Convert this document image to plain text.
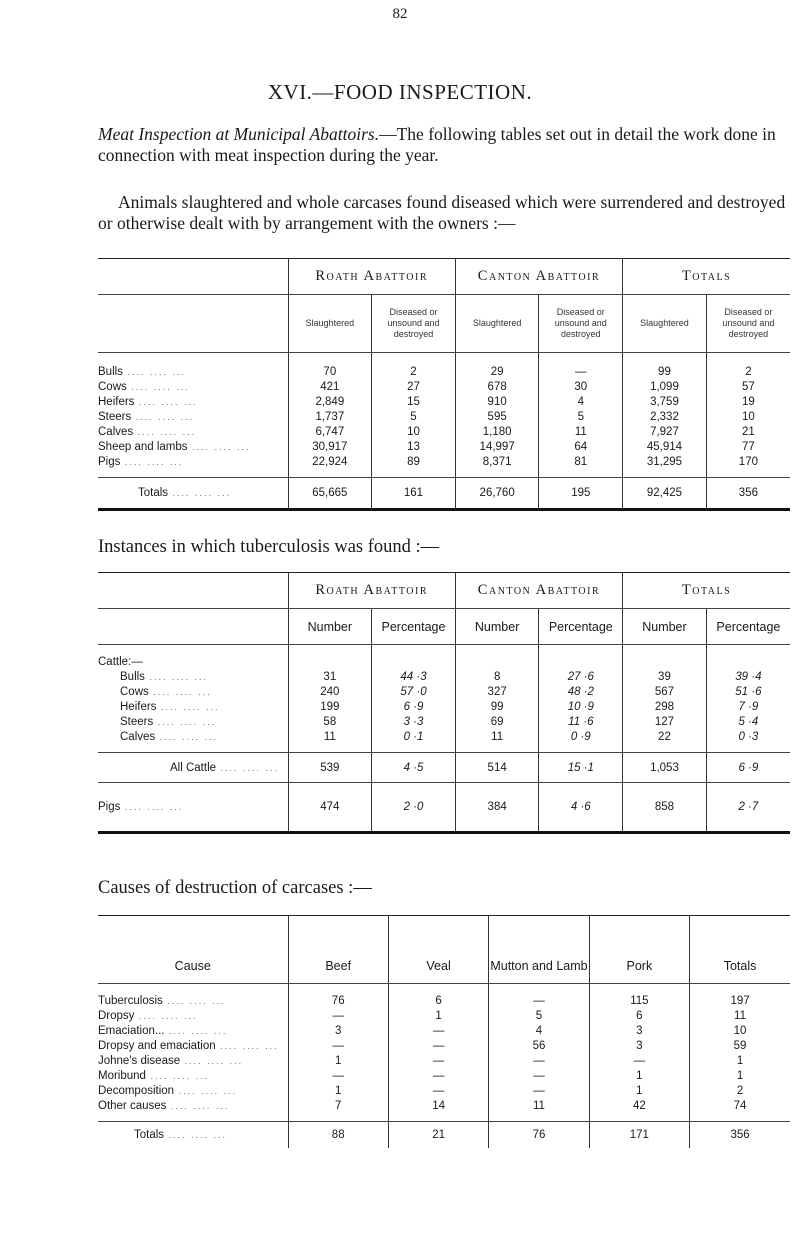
82
XVI.—FOOD INSPECTION.
Meat Inspection at Municipal Abattoirs.—The following tables set out in detail the work done in connection with meat inspection during the year.
Animals slaughtered and whole carcases found diseased which were surrendered and destroyed or otherwise dealt with by arrangement with the owners :—
	Roath Abattoir		Canton Abattoir		Totals	
	Slaughtered	Diseased or unsound and destroyed	Slaughtered	Diseased or unsound and destroyed	Slaughtered	Diseased or unsound and destroyed

Bulls .... .... ...	70	2	29	—	99	2
Cows .... .... ...	421	27	678	30	1,099	57
Heifers .... .... ...	2,849	15	910	4	3,759	19
Steers .... .... ...	1,737	5	595	5	2,332	10
Calves .... .... ...	6,747	10	1,180	11	7,927	21
Sheep and lambs .... .... ...	30,917	13	14,997	64	45,914	77
Pigs .... .... ...	22,924	89	8,371	81	31,295	170

Totals .... .... ...	65,665	161	26,760	195	92,425	356
Instances in which tuberculosis was found :—
	Roath Abattoir		Canton Abattoir		Totals	
	Number	Percentage	Number	Percentage	Number	Percentage

Cattle:—						
Bulls .... .... ...	31	44 ·3	8	27 ·6	39	39 ·4
Cows .... .... ...	240	57 ·0	327	48 ·2	567	51 ·6
Heifers .... .... ...	199	6 ·9	99	10 ·9	298	7 ·9
Steers .... .... ...	58	3 ·3	69	11 ·6	127	5 ·4
Calves .... .... ...	11	0 ·1	11	0 ·9	22	0 ·3

All Cattle .... .... ...	539	4 ·5	514	15 ·1	1,053	6 ·9
Pigs .... .... ...	474	2 ·0	384	4 ·6	858	2 ·7
Causes of destruction of carcases :—
Cause	Beef	Veal	Mutton and Lamb	Pork	Totals

Tuberculosis .... .... ...	76	6	—	115	197
Dropsy .... .... ...	—	1	5	6	11
Emaciation... .... .... ...	3	—	4	3	10
Dropsy and emaciation .... .... ...	—	—	56	3	59
Johne's disease .... .... ...	1	—	—	—	1
Moribund .... .... ...	—	—	—	1	1
Decomposition .... .... ...	1	—	—	1	2
Other causes .... .... ...	7	14	11	42	74

Totals .... .... ...	88	21	76	171	356
